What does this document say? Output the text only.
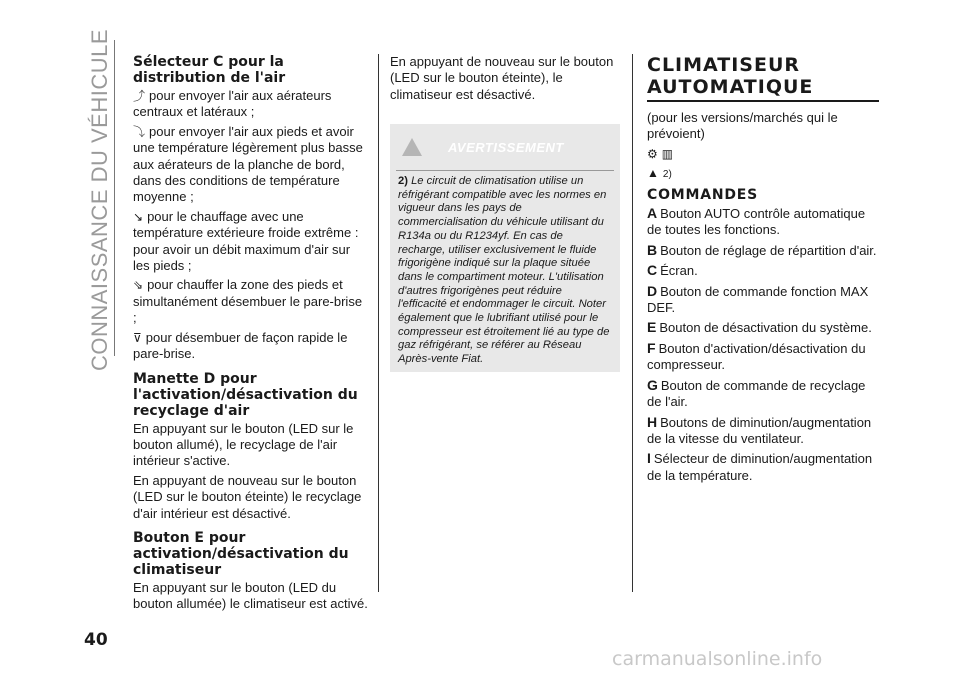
CONNAISSANCE DU VÉHICULE
40
Sélecteur C pour la distribution de l'air

⤴ pour envoyer l'air aux aérateurs centraux et latéraux ;

⤵ pour envoyer l'air aux pieds et avoir une température légèrement plus basse aux aérateurs de la planche de bord, dans des conditions de température moyenne ;

↘ pour le chauffage avec une température extérieure froide extrême : pour avoir un débit maximum d'air sur les pieds ;

⇘ pour chauffer la zone des pieds et simultanément désembuer le pare-brise ;

⊽ pour désembuer de façon rapide le pare-brise.

Manette D pour l'activation/désactivation du recyclage d'air

En appuyant sur le bouton (LED sur le bouton allumé), le recyclage de l'air intérieur s'active.

En appuyant de nouveau sur le bouton (LED sur le bouton éteinte) le recyclage d'air intérieur est désactivé.

Bouton E pour activation/désactivation du climatiseur

En appuyant sur le bouton (LED du bouton allumée) le climatiseur est activé.

En appuyant de nouveau sur le bouton (LED sur le bouton éteinte), le climatiseur est désactivé.

AVERTISSEMENT
2) Le circuit de climatisation utilise un réfrigérant compatible avec les normes en vigueur dans les pays de commercialisation du véhicule utilisant du R134a ou du R1234yf. En cas de recharge, utiliser exclusivement le fluide frigorigène indiqué sur la plaque située dans le compartiment moteur. L'utilisation d'autres frigorigènes peut réduire l'efficacité et endommager le circuit. Noter également que le lubrifiant utilisé pour le compresseur est étroitement lié au type de gaz réfrigérant, se référer au Réseau Après-vente Fiat.
CLIMATISEUR
AUTOMATIQUE

(pour les versions/marchés qui le prévoient)

⚙ ▥

▲ 2)

COMMANDES

A Bouton AUTO contrôle automatique de toutes les fonctions.

B Bouton de réglage de répartition d'air.

C Écran.

D Bouton de commande fonction MAX DEF.

E Bouton de désactivation du système.

F Bouton d'activation/désactivation du compresseur.

G Bouton de commande de recyclage de l'air.

H Boutons de diminution/augmentation de la vitesse du ventilateur.

I Sélecteur de diminution/augmentation de la température.

carmanualsonline.info
